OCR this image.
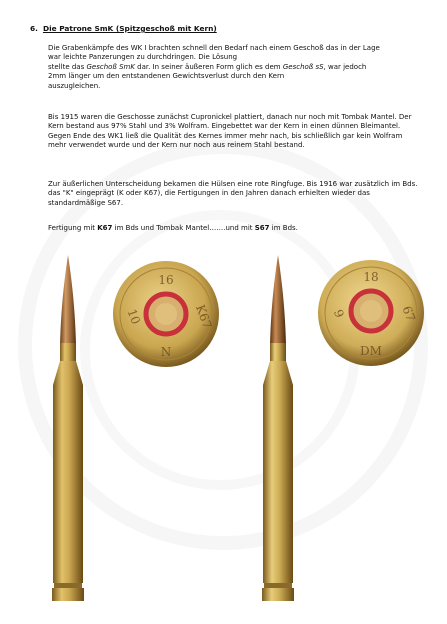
6. Die Patrone SmK (Spitzgeschoß mit Kern)

Die Grabenkämpfe des WK I brachten schnell den Bedarf nach einem Geschoß das in der Lage

war leichte Panzerungen zu durchdringen. Die Lösung

stellte das Geschoß SmK dar. In seiner äußeren Form glich es dem Geschoß sS, war jedoch

2mm länger um den entstandenen Gewichtsverlust durch den Kern

auszugleichen.

Bis 1915 waren die Geschosse zunächst Cupronickel plattiert, danach nur noch mit Tombak Mantel. Der Kern bestand aus 97% Stahl und 3% Wolfram. Eingebettet war der Kern in einen dünnen Bleimantel. Gegen Ende des WK1 ließ die Qualität des Kernes immer mehr nach, bis schließlich gar kein Wolfram mehr verwendet wurde und der Kern nur noch aus reinem Stahl bestand.

Zur äußerlichen Unterscheidung bekamen die Hülsen eine rote Ringfuge. Bis 1916 war zusätzlich im Bds. das "K" eingeprägt (K oder K67), die Fertigungen in den Jahren danach erhielten wieder das standardmäßige S67.

Fertigung mit K67 im Bds und Tombak Mantel…….und mit S67 im Bds.

16
K67
N
10
18
67
DM
9
